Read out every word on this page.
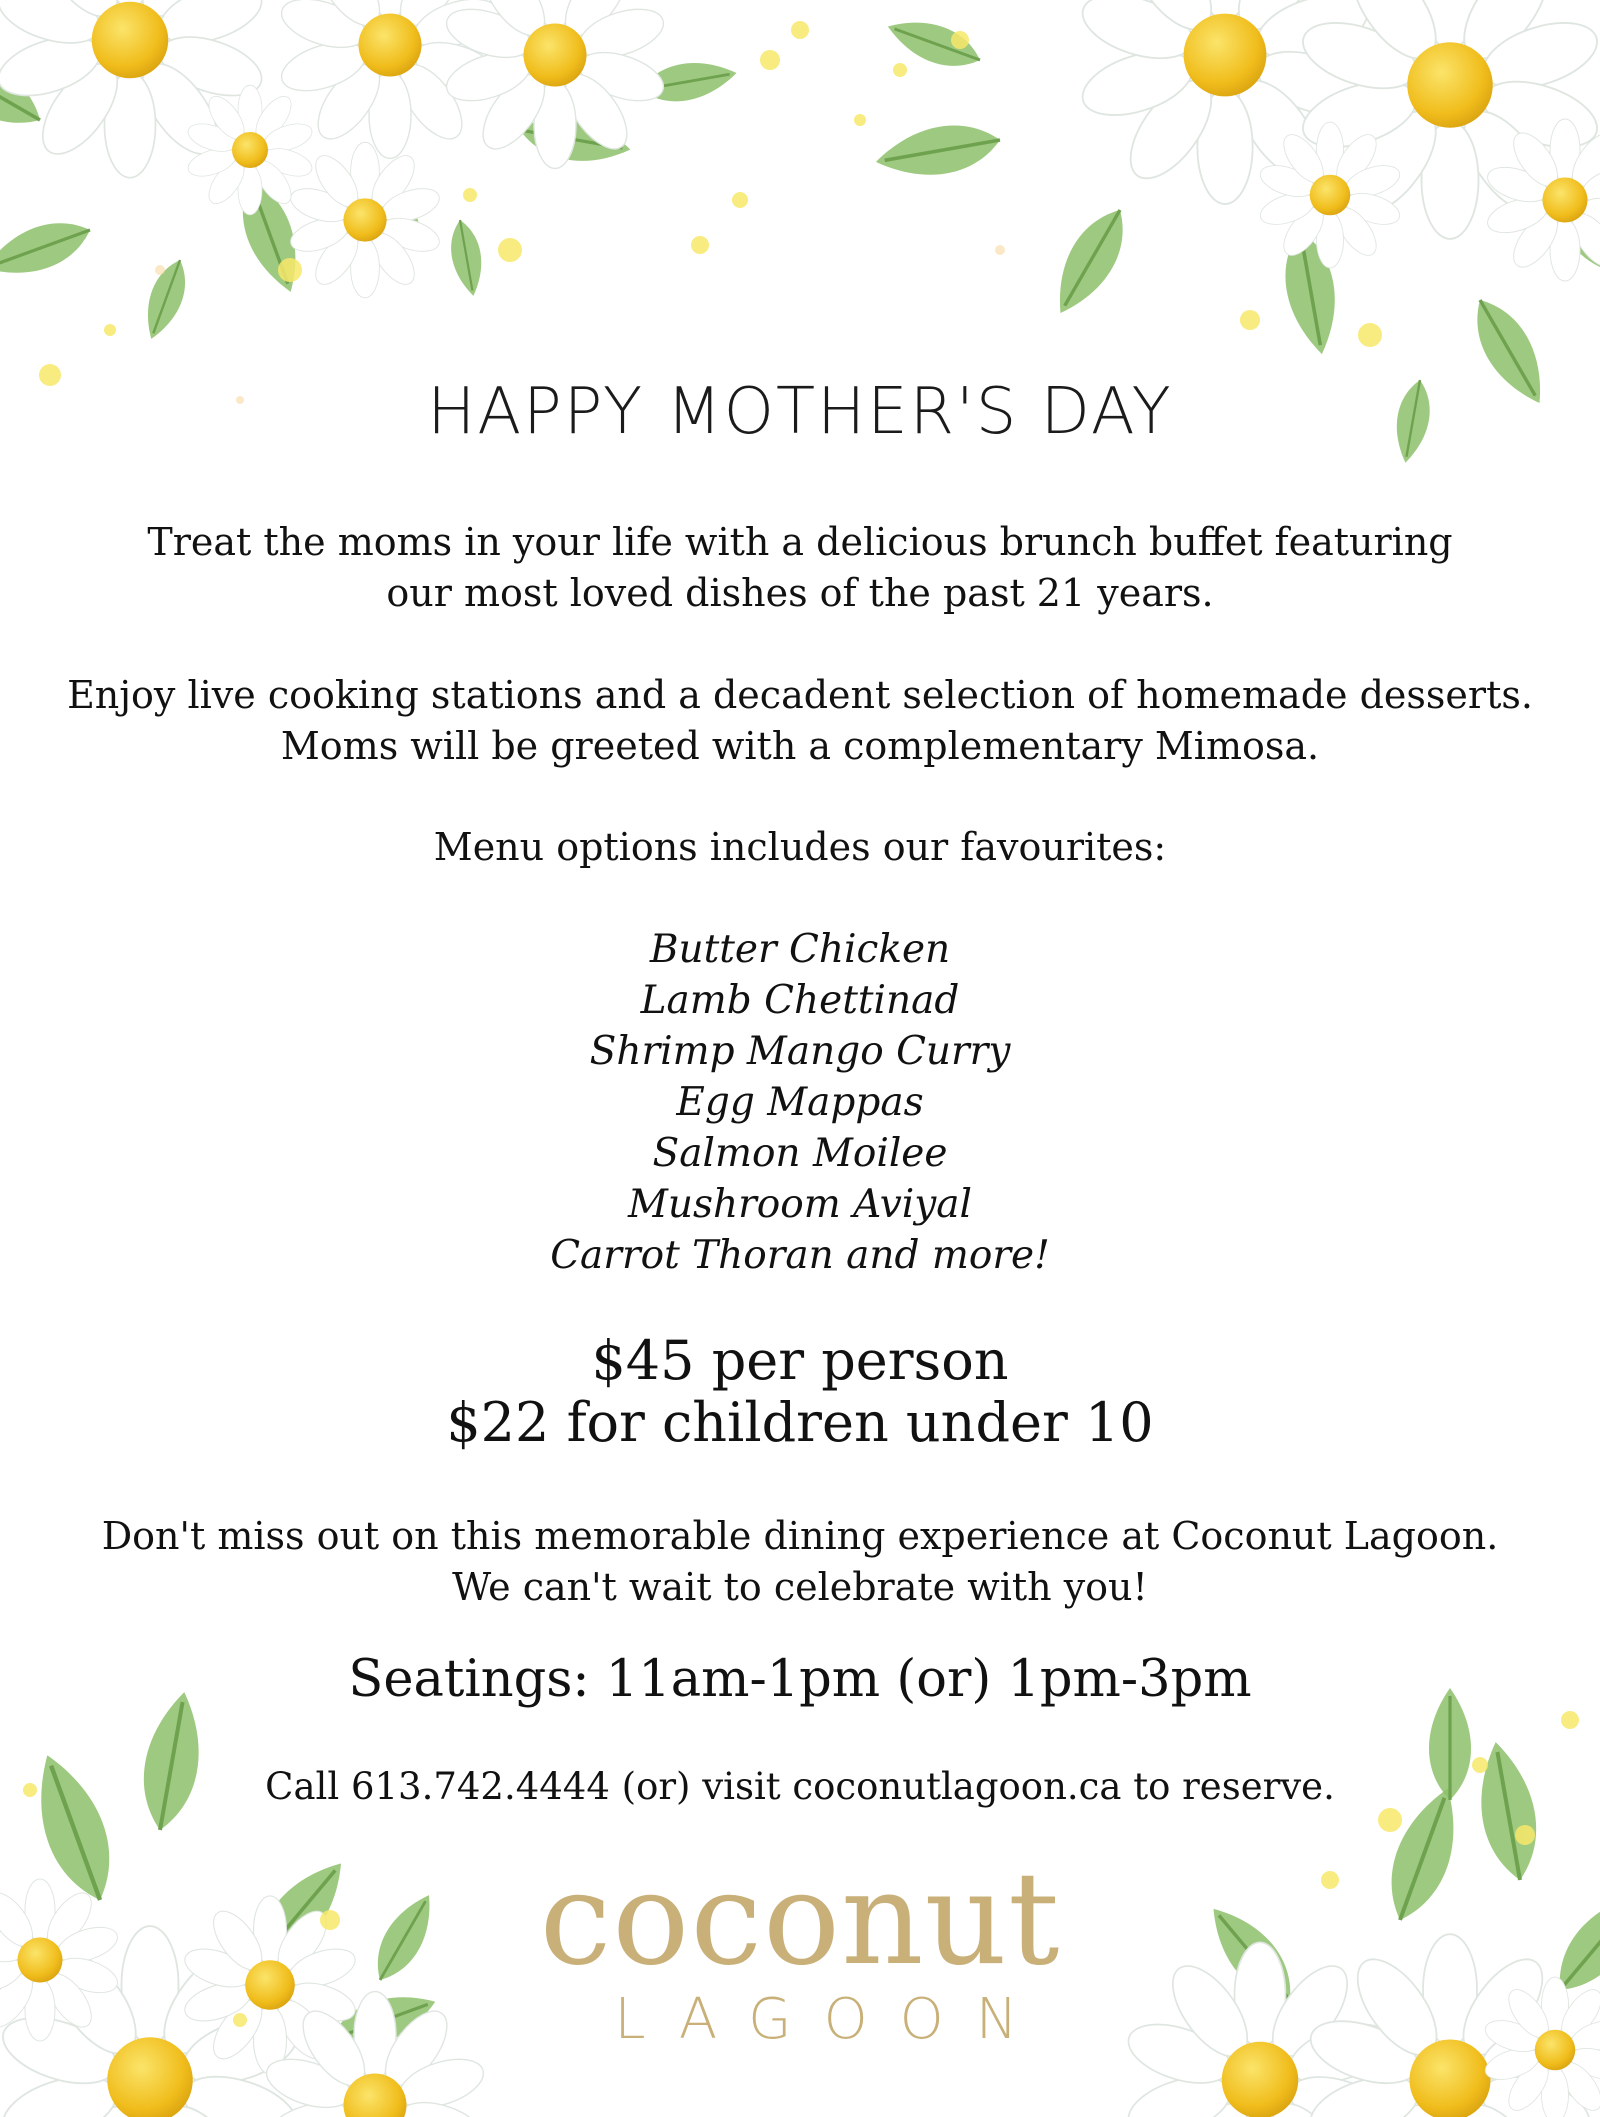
HAPPY MOTHER'S DAY
Treat the moms in your life with a delicious brunch buffet featuring
our most loved dishes of the past 21 years.
Enjoy live cooking stations and a decadent selection of homemade desserts.
Moms will be greeted with a complementary Mimosa.
Menu options includes our favourites:
Butter Chicken
Lamb Chettinad
Shrimp Mango Curry
Egg Mappas
Salmon Moilee
Mushroom Aviyal
Carrot Thoran and more!
$45 per person
$22 for children under 10
Don't miss out on this memorable dining experience at Coconut Lagoon.
We can't wait to celebrate with you!
Seatings: 11am-1pm (or) 1pm-3pm
Call 613.742.4444 (or) visit coconutlagoon.ca to reserve.
coconut
LAGOON
